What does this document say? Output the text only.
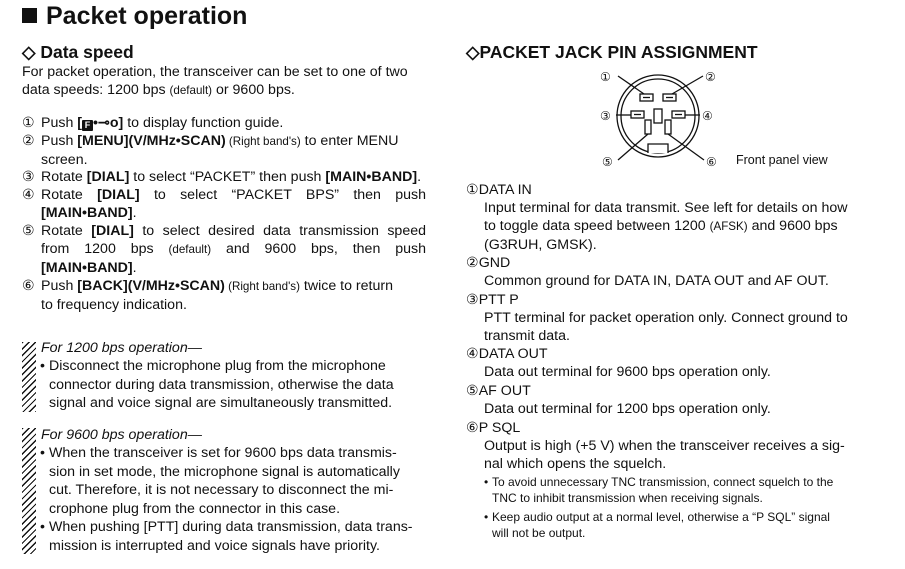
Packet operation
◇ Data speed
For packet operation, the transceiver can be set to one of two
data speeds: 1200 bps (default) or 9600 bps.
① Push [ F •⊸o] to display function guide.
② Push [MENU](V/MHz•SCAN) (Right band's) to enter MENU
screen.
③ Rotate [DIAL] to select “PACKET” then push [MAIN•BAND].
④ Rotate [DIAL] to select “PACKET BPS” then push
[MAIN•BAND].
⑤ Rotate [DIAL] to select desired data transmission speed
from 1200 bps (default) and 9600 bps, then push
[MAIN•BAND].
⑥ Push [BACK](V/MHz•SCAN) (Right band's) twice to return
to frequency indication.
For 1200 bps operation—
• Disconnect the microphone plug from the microphone
connector during data transmission, otherwise the data
signal and voice signal are simultaneously transmitted.
For 9600 bps operation—
• When the transceiver is set for 9600 bps data transmis-
sion in set mode, the microphone signal is automatically
cut. Therefore, it is not necessary to disconnect the mi-
crophone plug from the connector in this case.
• When pushing [PTT] during data transmission, data trans-
mission is interrupted and voice signals have priority.
◇PACKET JACK PIN ASSIGNMENT
①	②
③	④
⑤	⑥ Front panel view
①DATA IN
Input terminal for data transmit. See left for details on how
to toggle data speed between 1200 (AFSK) and 9600 bps
(G3RUH, GMSK).
②GND
Common ground for DATA IN, DATA OUT and AF OUT.
③PTT P
PTT terminal for packet operation only. Connect ground to
transmit data.
④DATA OUT
Data out terminal for 9600 bps operation only.
⑤AF OUT
Data out terminal for 1200 bps operation only.
⑥P SQL
Output is high (+5 V) when the transceiver receives a sig-
nal which opens the squelch.
• To avoid unnecessary TNC transmission, connect squelch to the
TNC to inhibit transmission when receiving signals.
• Keep audio output at a normal level, otherwise a “P SQL” signal
will not be output.
